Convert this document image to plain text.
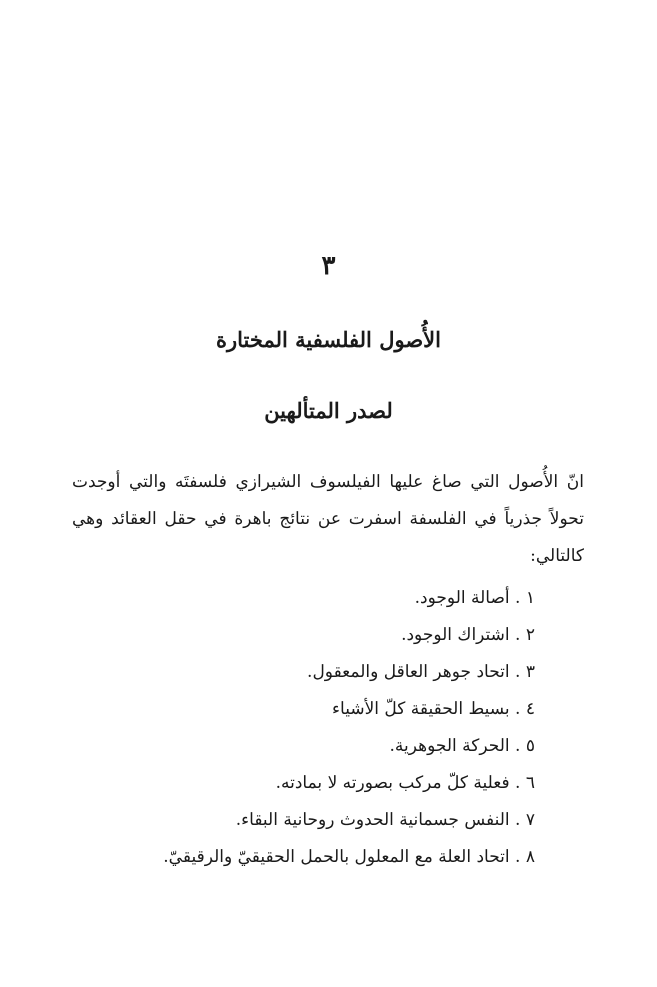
٣
الأُصول الفلسفية المختارة
لصدر المتألهين

انّ الأُصول التي صاغ عليها الفيلسوف الشيرازي فلسفتَه والتي أوجدت تحولاً جذرياً في الفلسفة اسفرت عن نتائج باهرة في حقل العقائد وهي كالتالي:

١ . أصالة الوجود.
٢ . اشتراك الوجود.
٣ . اتحاد جوهر العاقل والمعقول.
٤ . بسيط الحقيقة كلّ الأشياء
٥ . الحركة الجوهرية.
٦ . فعلية كلّ مركب بصورته لا بمادته.
٧ . النفس جسمانية الحدوث روحانية البقاء.
٨ . اتحاد العلة مع المعلول بالحمل الحقيقيّ والرقيقيّ.
